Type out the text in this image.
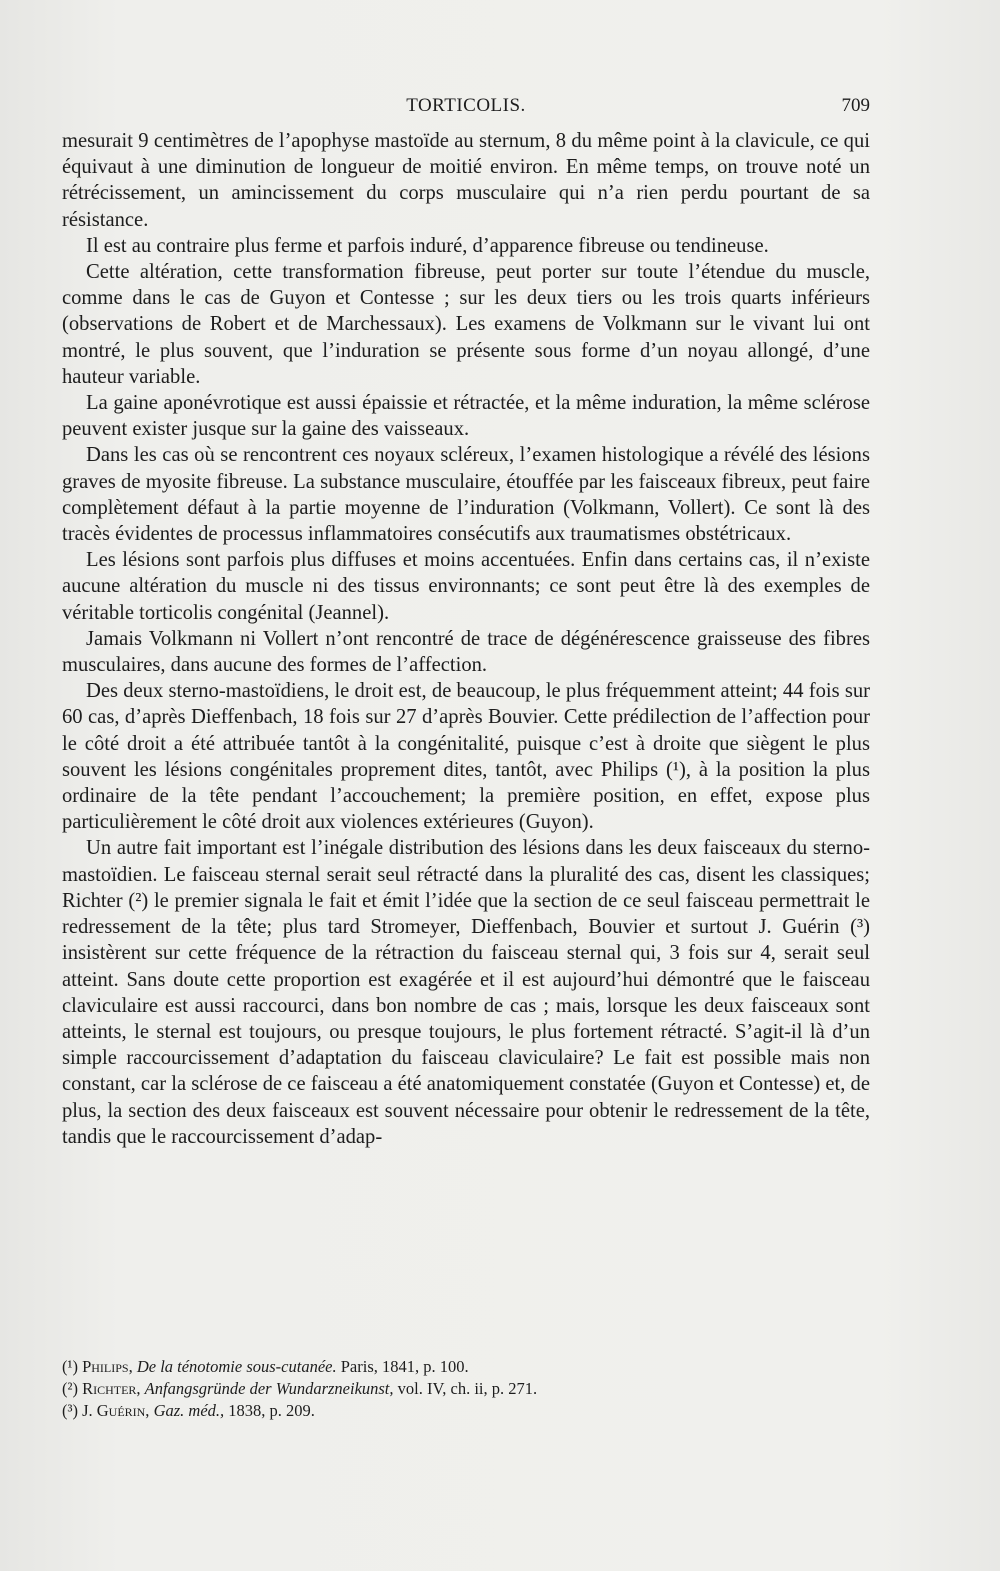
TORTICOLIS.	709

mesurait 9 centimètres de l’apophyse mastoïde au sternum, 8 du même point à la clavicule, ce qui équivaut à une diminution de longueur de moitié environ. En même temps, on trouve noté un rétrécissement, un amincissement du corps musculaire qui n’a rien perdu pourtant de sa résistance.

Il est au contraire plus ferme et parfois induré, d’apparence fibreuse ou tendineuse.

Cette altération, cette transformation fibreuse, peut porter sur toute l’étendue du muscle, comme dans le cas de Guyon et Contesse ; sur les deux tiers ou les trois quarts inférieurs (observations de Robert et de Marchessaux). Les examens de Volkmann sur le vivant lui ont montré, le plus souvent, que l’induration se présente sous forme d’un noyau allongé, d’une hauteur variable.

La gaine aponévrotique est aussi épaissie et rétractée, et la même induration, la même sclérose peuvent exister jusque sur la gaine des vaisseaux.

Dans les cas où se rencontrent ces noyaux scléreux, l’examen histologique a révélé des lésions graves de myosite fibreuse. La substance musculaire, étouffée par les faisceaux fibreux, peut faire complètement défaut à la partie moyenne de l’induration (Volkmann, Vollert). Ce sont là des tracès évidentes de processus inflammatoires consécutifs aux traumatismes obstétricaux.

Les lésions sont parfois plus diffuses et moins accentuées. Enfin dans certains cas, il n’existe aucune altération du muscle ni des tissus environnants; ce sont peut être là des exemples de véritable torticolis congénital (Jeannel).

Jamais Volkmann ni Vollert n’ont rencontré de trace de dégénérescence graisseuse des fibres musculaires, dans aucune des formes de l’affection.

Des deux sterno-mastoïdiens, le droit est, de beaucoup, le plus fréquemment atteint; 44 fois sur 60 cas, d’après Dieffenbach, 18 fois sur 27 d’après Bouvier. Cette prédilection de l’affection pour le côté droit a été attribuée tantôt à la congénitalité, puisque c’est à droite que siègent le plus souvent les lésions congénitales proprement dites, tantôt, avec Philips (¹), à la position la plus ordinaire de la tête pendant l’accouchement; la première position, en effet, expose plus particulièrement le côté droit aux violences extérieures (Guyon).

Un autre fait important est l’inégale distribution des lésions dans les deux faisceaux du sterno-mastoïdien. Le faisceau sternal serait seul rétracté dans la pluralité des cas, disent les classiques; Richter (²) le premier signala le fait et émit l’idée que la section de ce seul faisceau permettrait le redressement de la tête; plus tard Stromeyer, Dieffenbach, Bouvier et surtout J. Guérin (³) insistèrent sur cette fréquence de la rétraction du faisceau sternal qui, 3 fois sur 4, serait seul atteint. Sans doute cette proportion est exagérée et il est aujourd’hui démontré que le faisceau claviculaire est aussi raccourci, dans bon nombre de cas ; mais, lorsque les deux faisceaux sont atteints, le sternal est toujours, ou presque toujours, le plus fortement rétracté. S’agit-il là d’un simple raccourcissement d’adaptation du faisceau claviculaire? Le fait est possible mais non constant, car la sclérose de ce faisceau a été anatomiquement constatée (Guyon et Contesse) et, de plus, la section des deux faisceaux est souvent nécessaire pour obtenir le redressement de la tête, tandis que le raccourcissement d’adap-

(¹) Philips, De la ténotomie sous-cutanée. Paris, 1841, p. 100.

(²) Richter, Anfangsgründe der Wundarzneikunst, vol. IV, ch. ii, p. 271.

(³) J. Guérin, Gaz. méd., 1838, p. 209.
